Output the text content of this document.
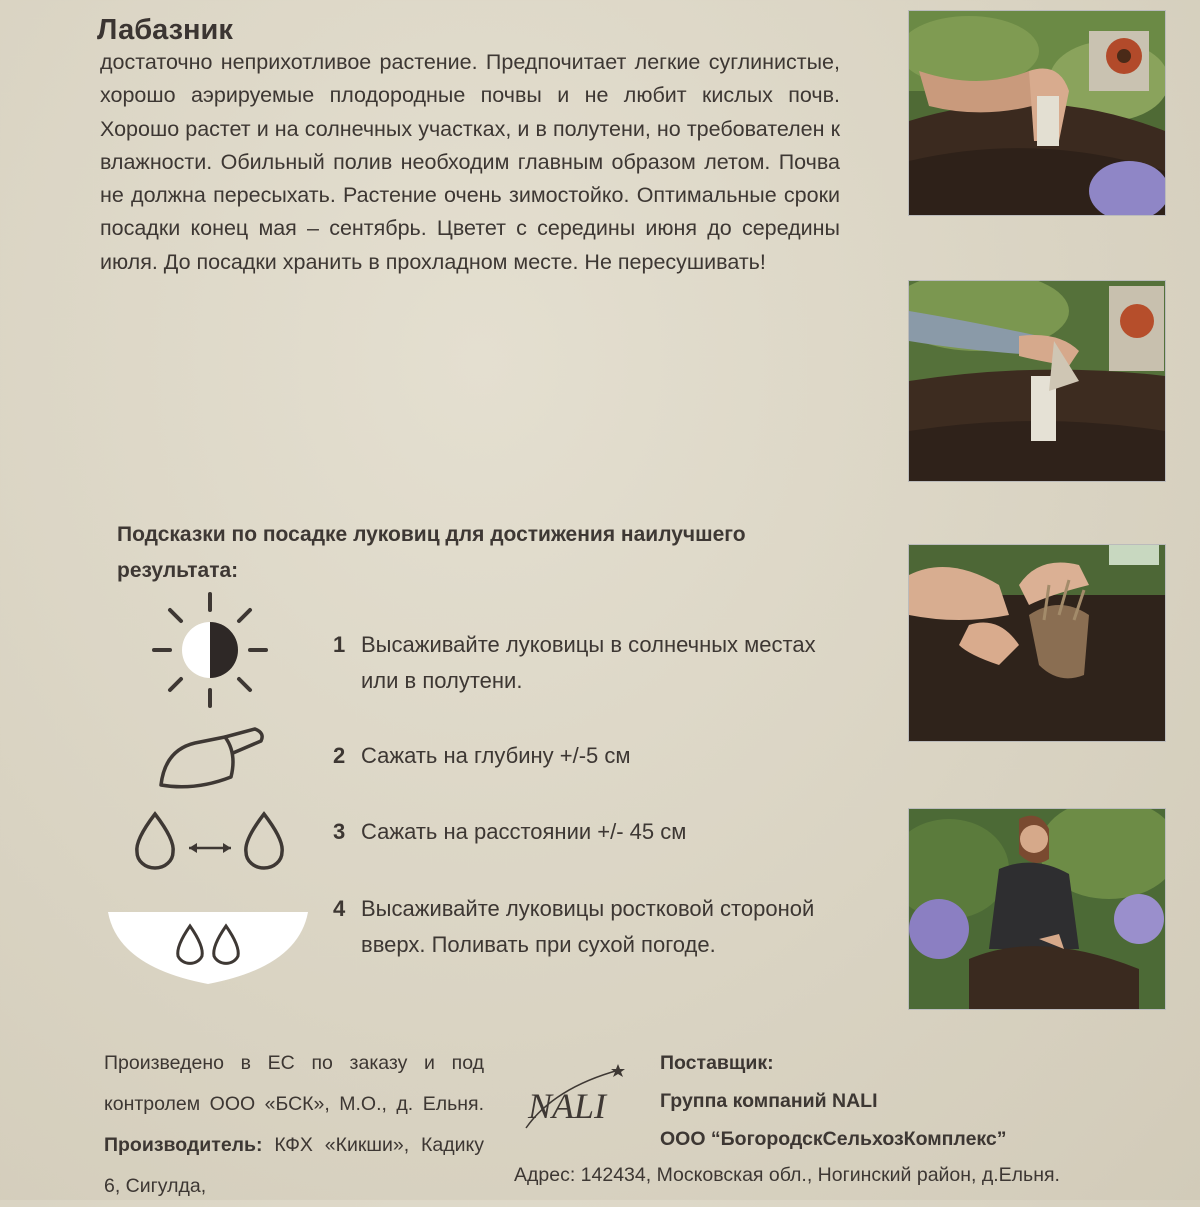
Лабазник

достаточно неприхотливое растение. Предпочитает легкие суглинистые, хорошо аэрируемые плодородные почвы и не любит кислых почв. Хорошо растет и на солнечных участках, и в полутени, но требователен к влажности. Обильный полив необходим главным образом летом. Почва не должна пересыхать. Растение очень зимостойко. Оптимальные сроки посадки конец мая – сентябрь. Цветет с середины июня до середины июля. До посадки хранить в прохладном месте. Не пересушивать!

Подсказки по посадке луковиц для достижения наилучшего результата:
1 Высаживайте луковицы в солнечных местах или в полутени.
2 Сажать на глубину +/-5 см
3 Сажать на расстоянии +/- 45 см
4 Высаживайте луковицы ростковой стороной вверх. Поливать при сухой погоде.
Произведено в ЕС по заказу и под контролем ООО «БСК», М.О., д. Ельня. Производитель: КФХ «Кикши», Кадику 6, Сигулда,
NALI
Поставщик:
Группа компаний NALI
ООО “БогородскСельхозКомплекс”
Адрес: 142434, Московская обл., Ногинский район, д.Ельня.
